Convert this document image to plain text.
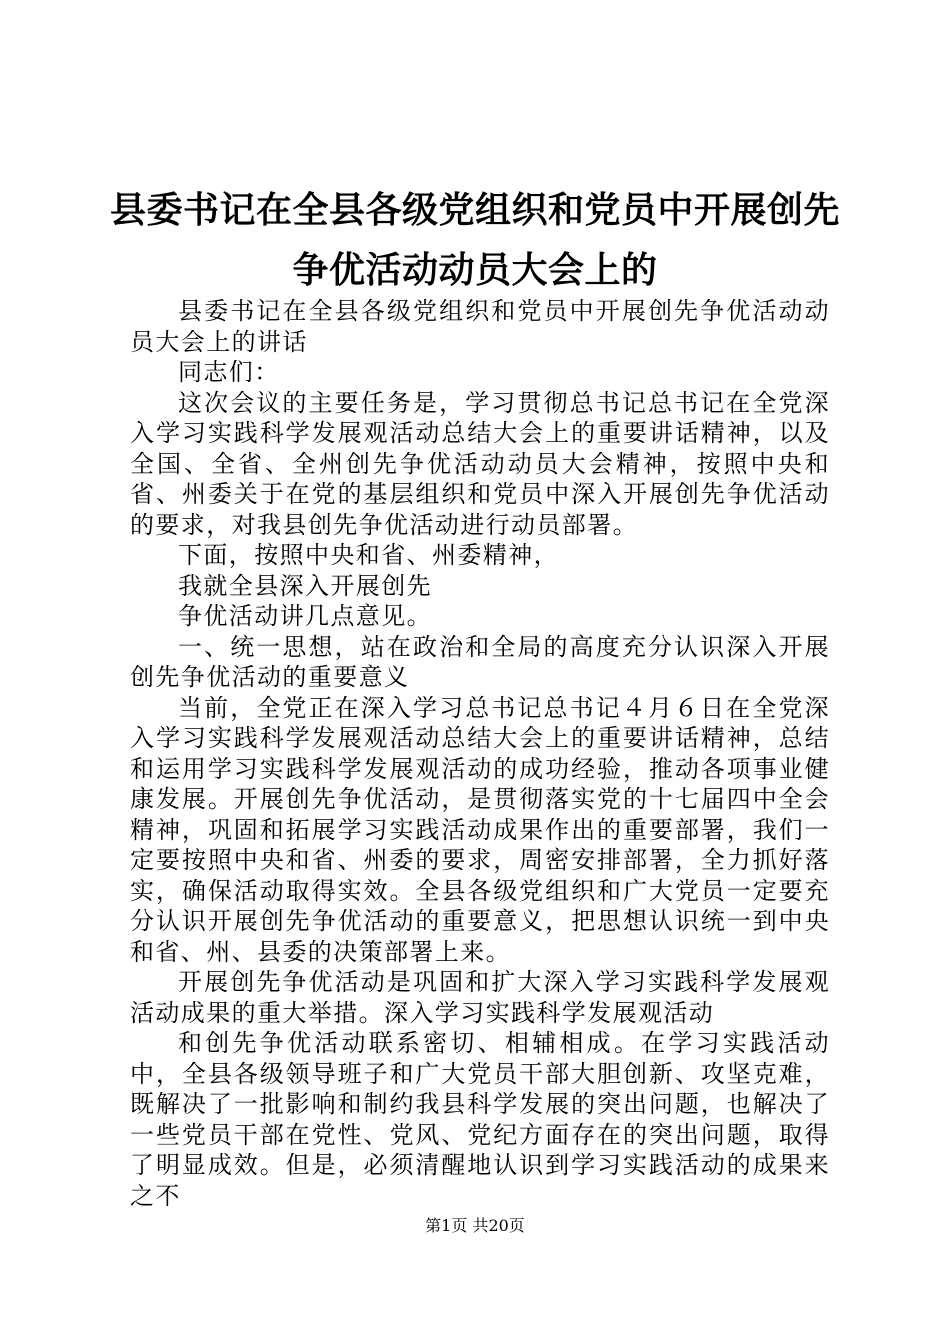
县委书记在全县各级党组织和党员中开展创先
争优活动动员大会上的

县委书记在全县各级党组织和党员中开展创先争优活动动员大会上的讲话

同志们：

这次会议的主要任务是，学习贯彻总书记总书记在全党深入学习实践科学发展观活动总结大会上的重要讲话精神，以及全国、全省、全州创先争优活动动员大会精神，按照中央和省、州委关于在党的基层组织和党员中深入开展创先争优活动的要求，对我县创先争优活动进行动员部署。

下面，按照中央和省、州委精神，

我就全县深入开展创先

争优活动讲几点意见。

一、统一思想，站在政治和全局的高度充分认识深入开展创先争优活动的重要意义

当前，全党正在深入学习总书记总书记４月６日在全党深入学习实践科学发展观活动总结大会上的重要讲话精神，总结和运用学习实践科学发展观活动的成功经验，推动各项事业健康发展。开展创先争优活动，是贯彻落实党的十七届四中全会精神，巩固和拓展学习实践活动成果作出的重要部署，我们一定要按照中央和省、州委的要求，周密安排部署，全力抓好落实，确保活动取得实效。全县各级党组织和广大党员一定要充分认识开展创先争优活动的重要意义，把思想认识统一到中央和省、州、县委的决策部署上来。

开展创先争优活动是巩固和扩大深入学习实践科学发展观活动成果的重大举措。深入学习实践科学发展观活动

和创先争优活动联系密切、相辅相成。在学习实践活动中，全县各级领导班子和广大党员干部大胆创新、攻坚克难，既解决了一批影响和制约我县科学发展的突出问题，也解决了一些党员干部在党性、党风、党纪方面存在的突出问题，取得了明显成效。但是，必须清醒地认识到学习实践活动的成果来之不

第1页 共20页
